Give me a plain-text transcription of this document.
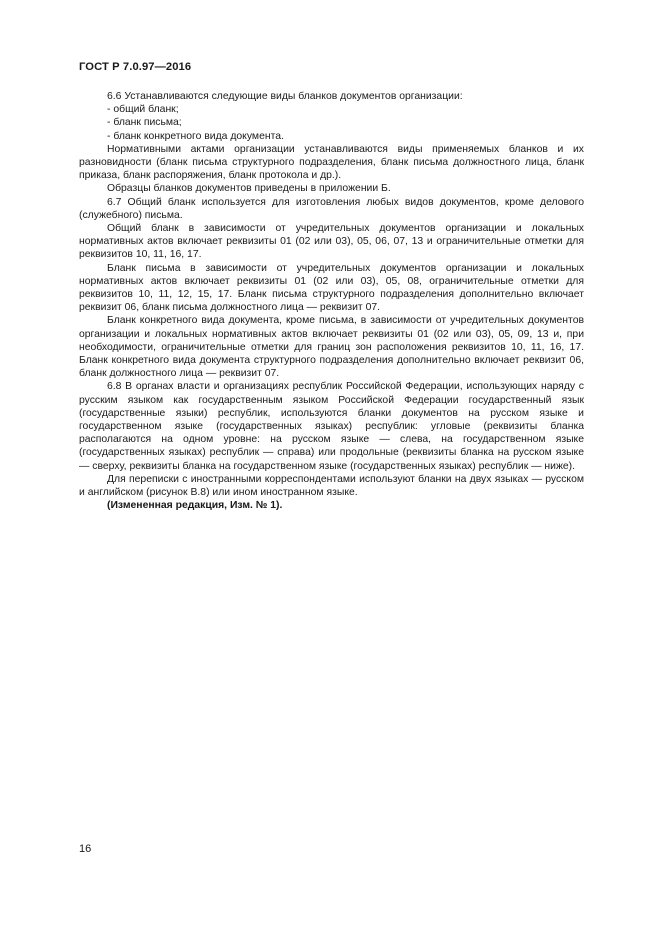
ГОСТ Р 7.0.97—2016

6.6 Устанавливаются следующие виды бланков документов организации:

- общий бланк;

- бланк письма;

- бланк конкретного вида документа.

Нормативными актами организации устанавливаются виды применяемых бланков и их разновидности (бланк письма структурного подразделения, бланк письма должностного лица, бланк приказа, бланк распоряжения, бланк протокола и др.).

Образцы бланков документов приведены в приложении Б.

6.7 Общий бланк используется для изготовления любых видов документов, кроме делового (служебного) письма.

Общий бланк в зависимости от учредительных документов организации и локальных нормативных актов включает реквизиты 01 (02 или 03), 05, 06, 07, 13 и ограничительные отметки для реквизитов 10, 11, 16, 17.

Бланк письма в зависимости от учредительных документов организации и локальных нормативных актов включает реквизиты 01 (02 или 03), 05, 08, ограничительные отметки для реквизитов 10, 11, 12, 15, 17. Бланк письма структурного подразделения дополнительно включает реквизит 06, бланк письма должностного лица — реквизит 07.

Бланк конкретного вида документа, кроме письма, в зависимости от учредительных документов организации и локальных нормативных актов включает реквизиты 01 (02 или 03), 05, 09, 13 и, при необходимости, ограничительные отметки для границ зон расположения реквизитов 10, 11, 16, 17. Бланк конкретного вида документа структурного подразделения дополнительно включает реквизит 06, бланк должностного лица — реквизит 07.

6.8 В органах власти и организациях республик Российской Федерации, использующих наряду с русским языком как государственным языком Российской Федерации государственный язык (государственные языки) республик, используются бланки документов на русском языке и государственном языке (государственных языках) республик: угловые (реквизиты бланка располагаются на одном уровне: на русском языке — слева, на государственном языке (государственных языках) республик — справа) или продольные (реквизиты бланка на русском языке — сверху, реквизиты бланка на государственном языке (государственных языках) республик — ниже).

Для переписки с иностранными корреспондентами используют бланки на двух языках — русском и английском (рисунок В.8) или ином иностранном языке.

(Измененная редакция, Изм. № 1).

16
